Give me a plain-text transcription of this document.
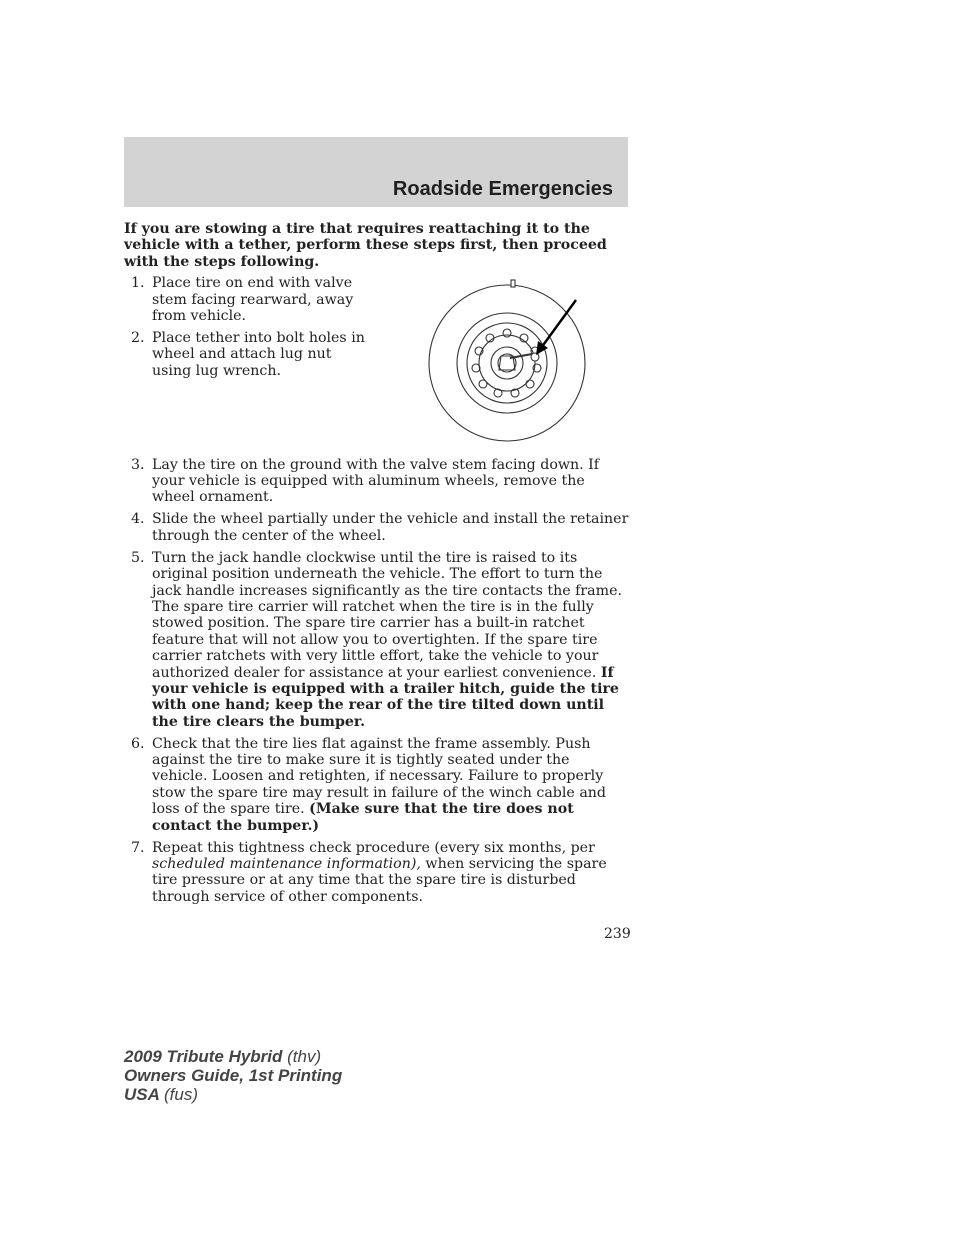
Roadside Emergencies

If you are stowing a tire that requires reattaching it to the vehicle with a tether, perform these steps first, then proceed with the steps following.

1. Place tire on end with valve stem facing rearward, away from vehicle.
2. Place tether into bolt holes in wheel and attach lug nut using lug wrench.
3. Lay the tire on the ground with the valve stem facing down. If your vehicle is equipped with aluminum wheels, remove the wheel ornament.
4. Slide the wheel partially under the vehicle and install the retainer through the center of the wheel.
5. Turn the jack handle clockwise until the tire is raised to its original position underneath the vehicle. The effort to turn the jack handle increases significantly as the tire contacts the frame. The spare tire carrier will ratchet when the tire is in the fully stowed position. The spare tire carrier has a built-in ratchet feature that will not allow you to overtighten. If the spare tire carrier ratchets with very little effort, take the vehicle to your authorized dealer for assistance at your earliest convenience. If your vehicle is equipped with a trailer hitch, guide the tire with one hand; keep the rear of the tire tilted down until the tire clears the bumper.
6. Check that the tire lies flat against the frame assembly. Push against the tire to make sure it is tightly seated under the vehicle. Loosen and retighten, if necessary. Failure to properly stow the spare tire may result in failure of the winch cable and loss of the spare tire. (Make sure that the tire does not contact the bumper.)
7. Repeat this tightness check procedure (every six months, per scheduled maintenance information), when servicing the spare tire pressure or at any time that the spare tire is disturbed through service of other components.
239
2009 Tribute Hybrid (thv)
Owners Guide, 1st Printing
USA (fus)
